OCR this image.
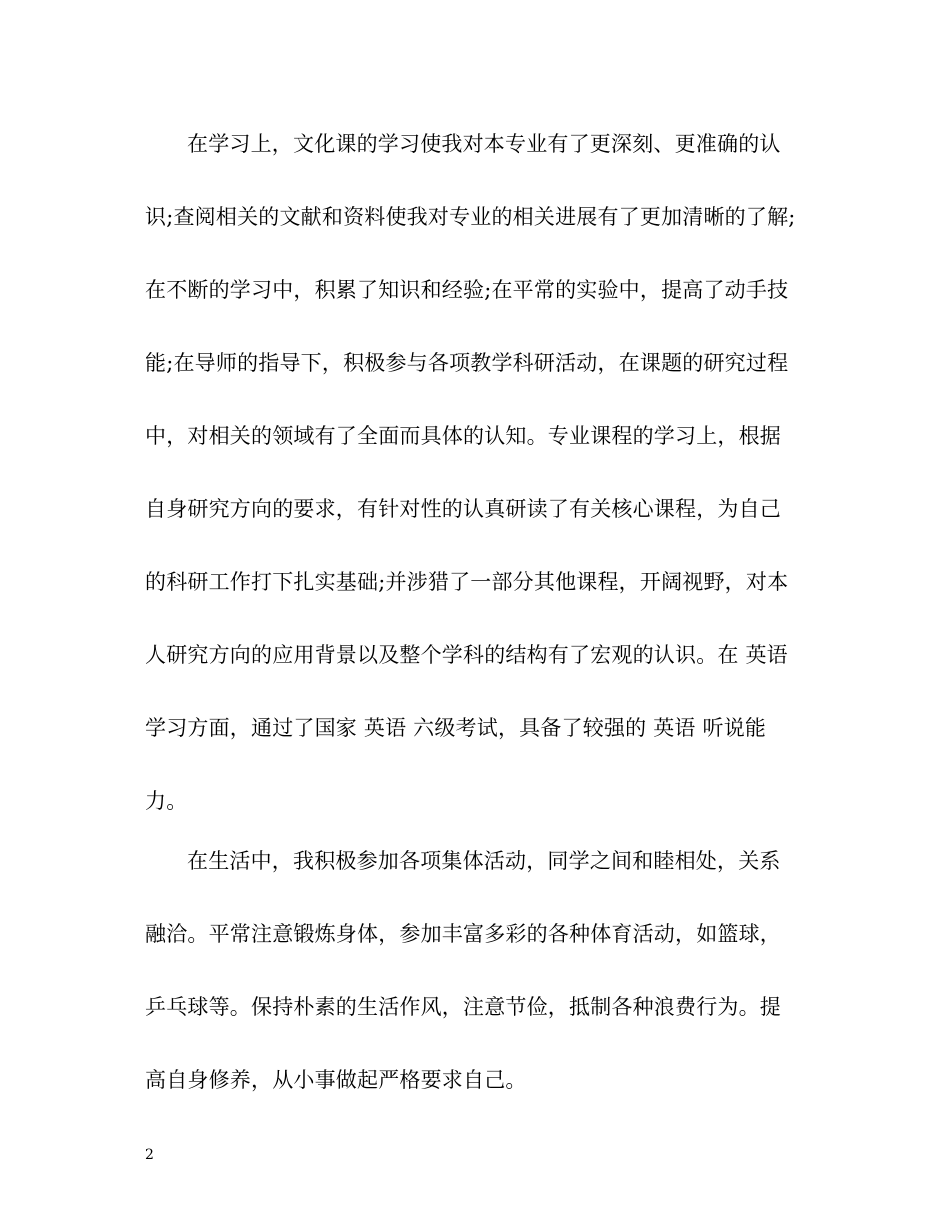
在学习上，文化课的学习使我对本专业有了更深刻、更准确的认
识;查阅相关的文献和资料使我对专业的相关进展有了更加清晰的了解;
在不断的学习中，积累了知识和经验;在平常的实验中，提高了动手技
能;在导师的指导下，积极参与各项教学科研活动，在课题的研究过程
中，对相关的领域有了全面而具体的认知。专业课程的学习上，根据
自身研究方向的要求，有针对性的认真研读了有关核心课程，为自己
的科研工作打下扎实基础;并涉猎了一部分其他课程，开阔视野，对本
人研究方向的应用背景以及整个学科的结构有了宏观的认识。在 英语
学习方面，通过了国家 英语 六级考试，具备了较强的 英语 听说能
力。
在生活中，我积极参加各项集体活动，同学之间和睦相处，关系
融洽。平常注意锻炼身体，参加丰富多彩的各种体育活动，如篮球，
乒乓球等。保持朴素的生活作风，注意节俭，抵制各种浪费行为。提
高自身修养，从小事做起严格要求自己。
2
